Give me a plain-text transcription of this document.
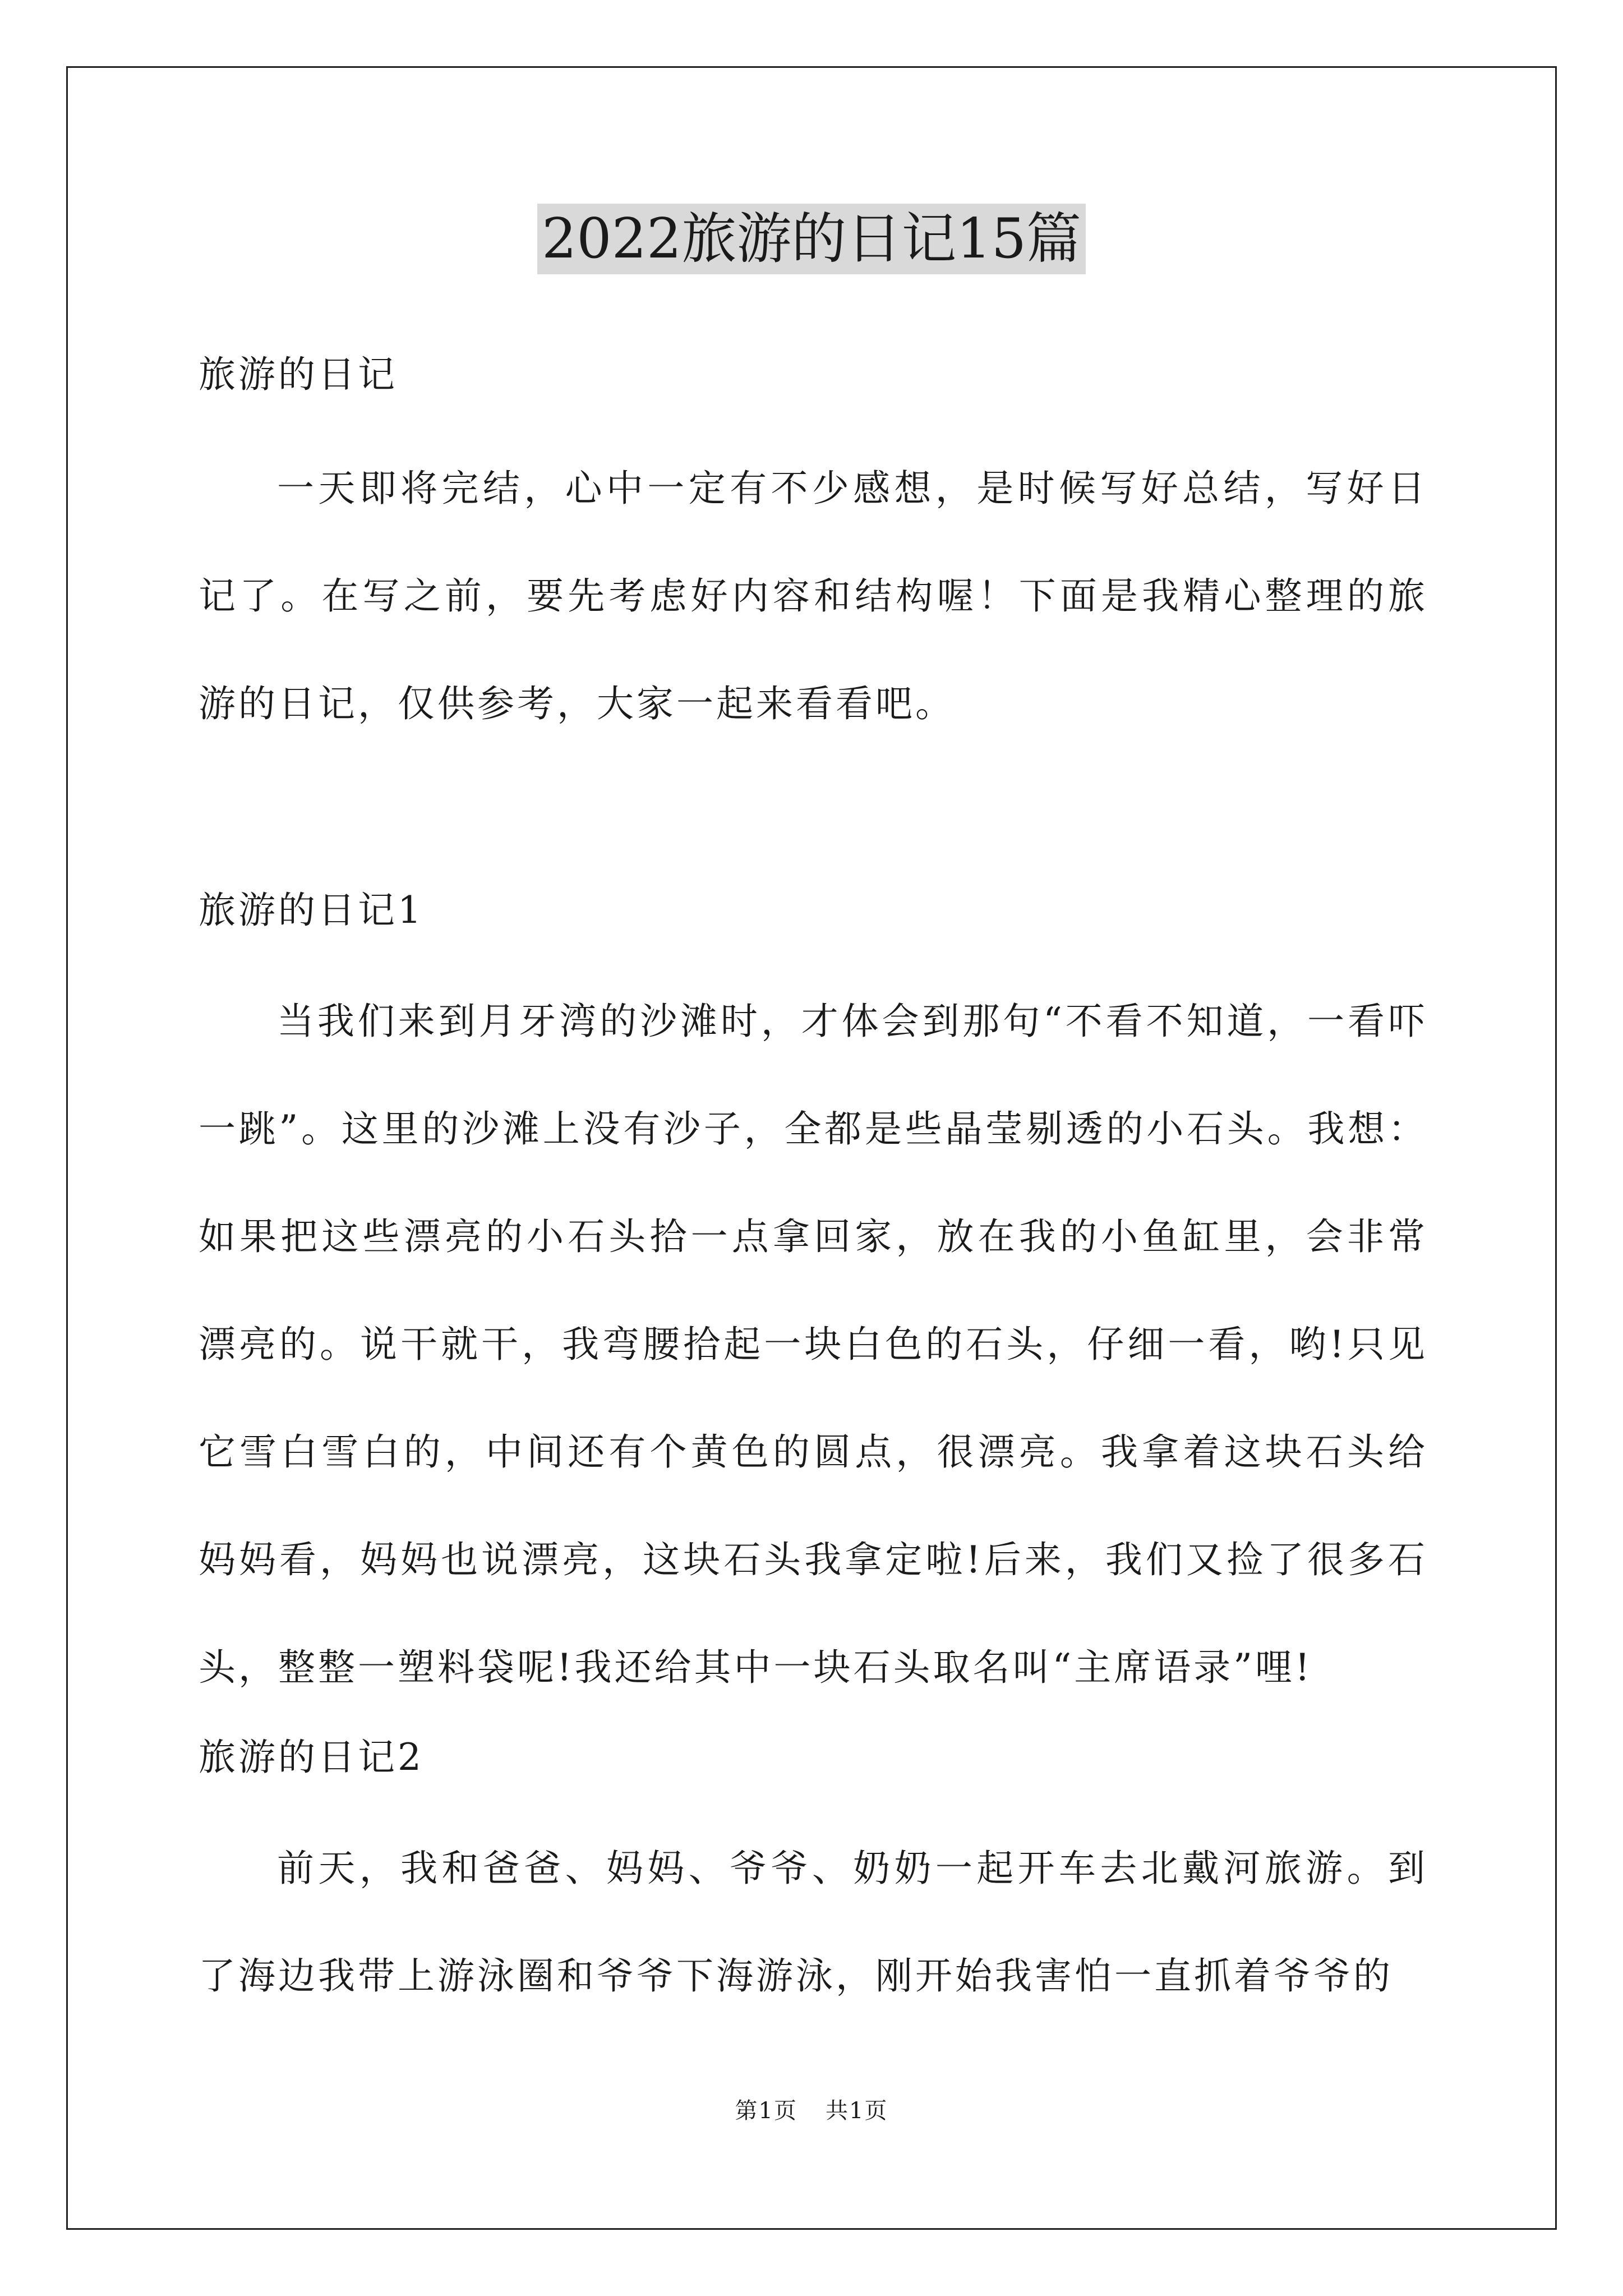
2022旅游的日记15篇
旅游的日记
一天即将完结，心中一定有不少感想，是时候写好总结，写好日记了。在写之前，要先考虑好内容和结构喔！下面是我精心整理的旅游的日记，仅供参考，大家一起来看看吧。
旅游的日记1
当我们来到月牙湾的沙滩时，才体会到那句“不看不知道，一看吓一跳”。这里的沙滩上没有沙子，全都是些晶莹剔透的小石头。我想：如果把这些漂亮的小石头拾一点拿回家，放在我的小鱼缸里，会非常漂亮的。说干就干，我弯腰拾起一块白色的石头，仔细一看，哟!只见它雪白雪白的，中间还有个黄色的圆点，很漂亮。我拿着这块石头给妈妈看，妈妈也说漂亮，这块石头我拿定啦!后来，我们又捡了很多石头，整整一塑料袋呢!我还给其中一块石头取名叫“主席语录”哩!
旅游的日记2
前天，我和爸爸、妈妈、爷爷、奶奶一起开车去北戴河旅游。到了海边我带上游泳圈和爷爷下海游泳，刚开始我害怕一直抓着爷爷的
第1页 共1页
